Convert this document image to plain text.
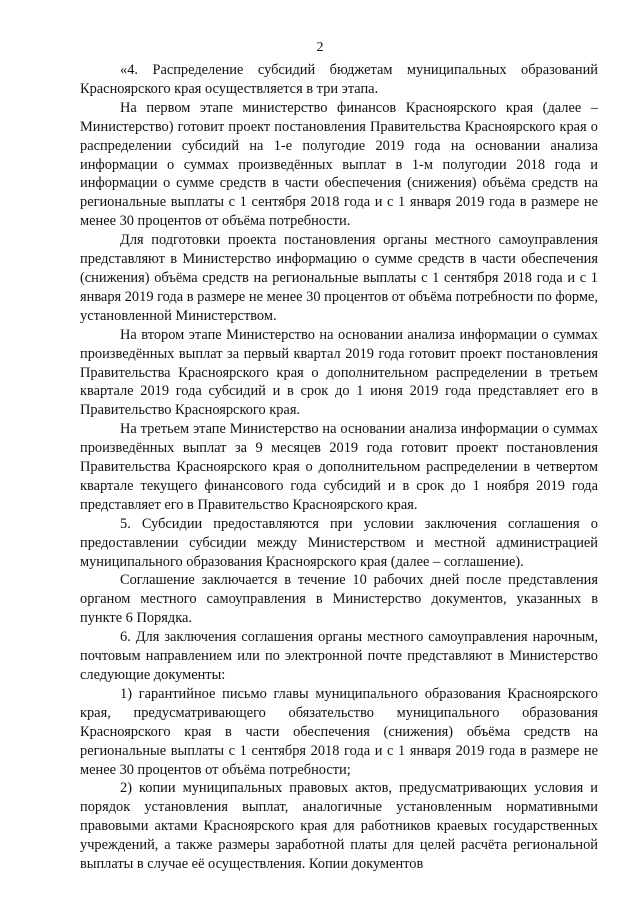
2

«4. Распределение субсидий бюджетам муниципальных образований Красноярского края осуществляется в три этапа.

На первом этапе министерство финансов Красноярского края (далее – Министерство) готовит проект постановления Правительства Красноярского края о распределении субсидий на 1-е полугодие 2019 года на основании анализа информации о суммах произведённых выплат в 1-м полугодии 2018 года и информации о сумме средств в части обеспечения (снижения) объёма средств на региональные выплаты с 1 сентября 2018 года и с 1 января 2019 года в размере не менее 30 процентов от объёма потребности.

Для подготовки проекта постановления органы местного самоуправления представляют в Министерство информацию о сумме средств в части обеспечения (снижения) объёма средств на региональные выплаты с 1 сентября 2018 года и с 1 января 2019 года в размере не менее 30 процентов от объёма потребности по форме, установленной Министерством.

На втором этапе Министерство на основании анализа информации о суммах произведённых выплат за первый квартал 2019 года готовит проект постановления Правительства Красноярского края о дополнительном распределении в третьем квартале 2019 года субсидий и в срок до 1 июня 2019 года представляет его в Правительство Красноярского края.

На третьем этапе Министерство на основании анализа информации о суммах произведённых выплат за 9 месяцев 2019 года готовит проект постановления Правительства Красноярского края о дополнительном распределении в четвертом квартале текущего финансового года субсидий и в срок до 1 ноября 2019 года представляет его в Правительство Красноярского края.

5. Субсидии предоставляются при условии заключения соглашения о предоставлении субсидии между Министерством и местной администрацией муниципального образования Красноярского края (далее – соглашение).

Соглашение заключается в течение 10 рабочих дней после представления органом местного самоуправления в Министерство документов, указанных в пункте 6 Порядка.

6. Для заключения соглашения органы местного самоуправления нарочным, почтовым направлением или по электронной почте представляют в Министерство следующие документы:

1) гарантийное письмо главы муниципального образования Красноярского края, предусматривающего обязательство муниципального образования Красноярского края в части обеспечения (снижения) объёма средств на региональные выплаты с 1 сентября 2018 года и с 1 января 2019 года в размере не менее 30 процентов от объёма потребности;

2) копии муниципальных правовых актов, предусматривающих условия и порядок установления выплат, аналогичные установленным нормативными правовыми актами Красноярского края для работников краевых государственных учреждений, а также размеры заработной платы для целей расчёта региональной выплаты в случае её осуществления. Копии документов
